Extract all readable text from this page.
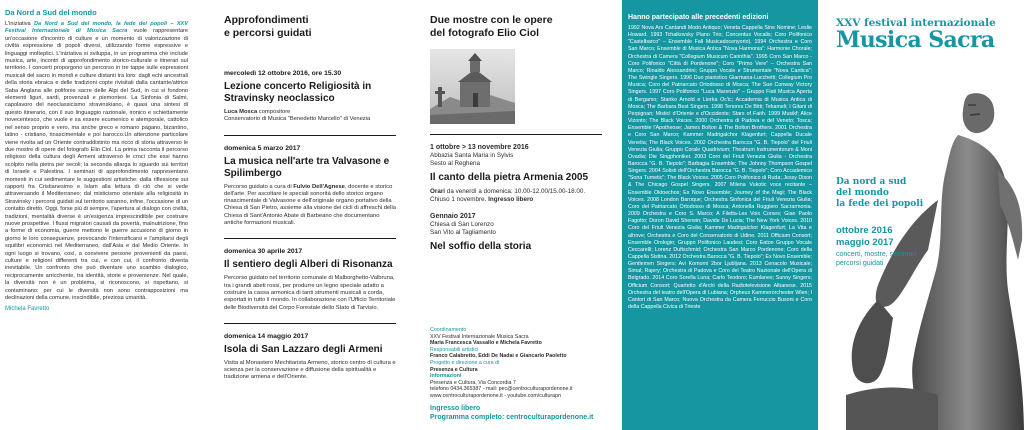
Da Nord a Sud del mondo

L'iniziativa Da Nord a Sud del mondo, la fede dei popoli – XXV Festival Internazionale di Musica Sacra vuole rappresentare un'occasione d'incontro di culture e un momento di valorizzazione di civiltà espressione di popoli diversi, utilizzando forme espressive e linguaggi molteplici. L'iniziativa si sviluppa, in un programma che include musica, arte, incontri di approfondimento storico-culturale e itinerari sul territorio. I concerti proporgono un percorso in tre tappe sulle espressioni musicali del sacro in mondi e culture distanti tra loro: dagli echi ancestrali della storia ebraica e delle tradizioni copte rivisitati dalla cantante/attrice Saba Anglana alle polifonie sacre delle Alpi del Sud, in cui si fondono elementi liguri, sardi, provenzali e piemontesi. La Sinfonia di Salmi, capolavoro del neoclassicismo stravinskiano, è quasi una sintesi di questo itinerario, con il suo linguaggio razionale, ironico e schiettamente novecentesco, che vuole e sa essere ecumenico e atemporale, cattolico nel senso proprio e vero, ma anche greco e romano pagano, bizantino, latino - cristiano, rinascimentale e poi barocco.Un attenzione particolare viene rivolta ad un Oriente contraddistinto ma ricco di storia attraverso le due mostre di opere del fotografo Elio Ciol. La prima racconta il percorso religioso della cultura degli Armeni attraverso le croci che essi hanno scolpito nella pietra per secoli; la seconda allarga lo sguardo sui territori di Israele e Palestina. I seminari di approfondimento rappresentano momenti in cui sedimentare le suggestioni artistiche: dalla riflessione sui rapporti fra Cristianesimo e Islam alla lettura di ciò che si vede attraversando il Mediterraneo; dal misticismo orientale alla religiosità in Stravinsky i percorsi guidati sul territorio saranno, infine, l'occasione di un contatto diretto. Oggi, forse più di sempre, l'apertura al dialogo con civiltà, tradizioni, mentalità diverse è un'esigenza imprescindibile per costruire nuove prospettive. I flussi migratori causati da povertà, malnutrizione, fino a forme di economia, guerre mettono le guerre accusiono di giorno in giorno le loro conseguenze, provocando l'intensificarsi e l'ampliarsi degli squilibri economici nel Mediterraneo, dall'Asia e dal Medio Oriente. In ogni luogo si trovano, così, a convivere persone provenienti da paesi, culture e religioni differenti tra cui, e con cui, il confronto diventa inevitabile. Un confronto che può diventare uno scambio dialogico, reciprocamente arricchente, tra identità, storie e provenienze. Nel quale, la diversità non è un problema, si riconoscono, si rispettano, si contaminano: per cui le diversità non sono contrapposizioni ma declinazioni della comune, inscindibile, preziosa umanità.

Michela Favretto
Approfondimenti
e percorsi guidati
mercoledì 12 ottobre 2016, ore 15.30
Lezione concerto Religiosità in Stravinsky neoclassico
Luca Mosca compositore
Conservatorio di Musica "Benedetto Marcello" di Venezia
domenica 5 marzo 2017
La musica nell'arte tra Valvasone e Spilimbergo
Percorso guidato a cura di Fulvio Dell'Agnese, docente e storico dell'arte. Per ascoltare le speciali sonorità dello storico organo rinascimentale di Valvasone e dell'originale organo portativo della Chiesa di San Pietro, assieme alla visione dei cicli di affreschi della Chiesa di Sant'Antonio Abate di Barbeano che documentano antiche formazioni musicali.
domenica 30 aprile 2017
Il sentiero degli Alberi di Risonanza
Percorso guidato nel territorio comunale di Malborghetto-Valbruna, tra i grandi abeti rossi, per produrre un legno speciale adatto a costruire la cassa armonica di tanti strumenti musicali a corda, esportati in tutto il mondo. In collaborazione con l'Ufficio Territoriale delle Biodiversità del Corpo Forestale dello Stato di Tarvisio.
domenica 14 maggio 2017
Isola di San Lazzaro degli Armeni
Visita al Monastero Mechitarista Armeno, storico centro di cultura e scienza per la conservazione e diffusione della spiritualità e tradizione armena e dell'Oriente.
Due mostre con le opere
del fotografo Elio Ciol
1 ottobre > 13 novembre 2016
Abbazia Santa Maria in Sylvis
Sesto al Reghena
Il canto della pietra Armenia 2005
Orari da venerdì a domenica: 10.00-12.00/15.00-18.00.
Chiuso 1 novembre. Ingresso libero
Gennaio 2017
Chiesa di San Lorenzo
San Vito al Tagliamento
Nel soffio della storia
Coordinamento
XXV Festival Internazionale Musica Sacra
Maria Francesca Vassallo e Michela Favretto
Responsabili artistici
Franco Calabretto, Eddi De Nadai e Giancarlo Paoletto
Progetto e direzione a cura di
Presenza e Cultura
Informazioni
Presenza e Cultura, Via Concordia 7
telefono 0434.365387 - mail: pec@centroculturapordenone.it
www.centroculturapordenone.it - youtube.com/culturapn
Ingresso libero
Programma completo: centroculturapordenone.it
Hanno partecipato alle precedenti edizioni
1992 Nova Ars Cantandi Modo Antiquo; Veneta Cappella Sine Nomine; Leslie Howard. 1993 Tchaikovsky Piano Trio; Concentus Vocalis; Coro Polifonico "Castelbarco" – Ensemble Fall Musicadocenyorio). 1994 Orchestra e Coro San Marco; Ensemble di Musica Antica "Nova Harmonia"; Harmonie Chorale; Orchestra di Camera "Collegium Musicum Carinthia". 1995 Coro San Marco - Coro Polifonico "Città di Pordenone"; Coro "Primo Vere" – Orchestra San Marco; Rinaldo Alessandrini; Gruppo Vocale e Strumentale "Nova Cantica"; The Swingle Singers. 1996 Duo pianistico Giarmana-Lucchetti; Collegium Pro Musica; Coro del Patriarcato Ortodosso di Mosca; The Sue Conway Victory Singers. 1997 Coro Polifonico "Luca Marenzio" – Gruppo Fiati Musica Aperta di Bergamo; Stanko Arnold e Lierka Oc'ic; Accademia di Musica Antica di Mosca; The Barbara Best Singers. 1998 Tenores De Bitti; Tekameli; I Gitani di Perpignan; Misticì d'Oriente e d'Occidente; Stars of Faith. 1999 Musikf; Alice Vizonto; The Black Voices. 2000 Orchestra di Padova e del Veneto; Tosca; Ensemble l'Apotheose; James Bolton & The Bolton Brothers. 2001 Orchestra e Coro San Marco; Kammer Madrigalchor Klagenfurt; Cappella Ducale Venetia; The Black Voices. 2002 Orchestra Barocca "G. B. Tiepolo" del Friuli Venezia Giulia; Gruppo Corale Quadrivium; Theatrum Instrumentorum & Moni Ovadia; Die Singphoniker. 2003 Coro del Friuli Venezia Giulia - Orchestra Barocca "G. B. Tiepolo"; Barbagia Ensemble; The Johnny Thompson Gospel Singers. 2004 Solisti dell'Orchestra Barocca "G. B. Tiepolo"; Coro Accademico "Sona Tumetic"; The Black Voices. 2005 Coro Polifonico di Ruda; Jessy Dixon & The Chicago Gospel Singers. 2007 Milena Vukotic voce recitante – Ensemble Oktoechos; Ex Novo Ensemble; Journey of the Magi; The Black Voices. 2008 London Baroque; Orchestra Sinfonica del Friuli Venezia Giulia; Coro del Patriarcato Ortodosso di Mosca; Antonella Ruggiero Sacrarmonia. 2009 Orchestra e Coro S. Marco; A Filetta-Les Voix Corses; Gian Paolo Fagotto; Doron David Sherwin; Davide De Lucia; The New York Voices. 2010 Coro del Friuli Venezia Giulia; Kammer Madrigalchor Klagenfurt; La Vita e altrove; Orchestra e Coro del Conservatorio di Udine. 2011 Officium Consort; Ensemble Orologio; Gruppo Polifonico Laudesi; Coro Eaton Gruppo Vocale Ceccarelli; Lorenz Duftschmid; Orchestra San Marco Pordenone; Coro della Cappella Sistina. 2012 Orchestra Barocca "G. B. Tiepolo"; Ex Novo Ensemble; Gentlemen Singers; Avi Komorni 2bor Ljubljana. 2013 Cenacolo Musicale; Simal; Rajery; Orchestra di Padova e Coro del Teatro Nazionale dell'Opera di Belgrado. 2014 Coro Sorella Luna; Carlo Teodoro; Eumlanes; Sunny Singers; Officium Consort; Quartetto d'Archi della Radiotelevisione Albanese. 2015 Orchestra del teatro dell'Opera di Lubiana; Orpheus Kammerorchester Wien; I Cantori di San Marco; Nuova Orchestra da Camera Ferruccio Busoni e Coro della Cappella Civica di Trieste
XXV festival internazionale
Musica Sacra
Da nord a sud
del mondo
la fede dei popoli
ottobre 2016
maggio 2017
concerti, mostre, seminari
percorsi guidati
